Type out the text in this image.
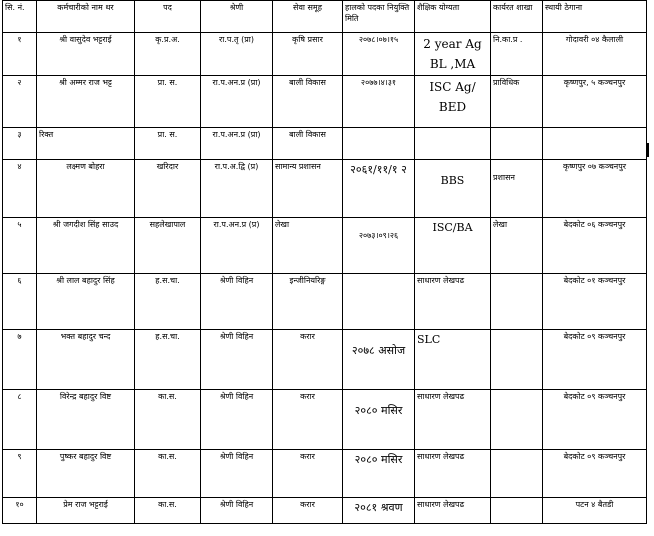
सि. नं.	कर्मचारीको नाम थर	पद	श्रेणी	सेवा समूह	हालको पदका नियुक्ति मिति	शैक्षिक योग्यता	कार्यरत शाखा	स्थायी ठेगाना
१	श्री वासुदेव भट्टराई	कृ.प्र.अ.	रा.प.तृ (प्रा)	कृषि प्रसार	२०७८।०७।१५	2 year Ag BL ,MA	नि.का.प्र .	गोदावरी ०४ कैलाली
२	श्री अम्मर राज भट्ट	प्रा. स.	रा.प.अन.प्र (प्रा)	बाली विकास	२०७७।४।३१	ISC Ag/ BED	प्राविधिक	कृष्णपुर, ५ कञ्चनपुर
३	रिक्त	प्रा. स.	रा.प.अन.प्र (प्रा)	बाली विकास				
४	लक्ष्मण बोहरा	खरिदार	रा.प.अ.द्वि (प्र)	सामान्य प्रशासन	२०६१/११/१ २	BBS	प्रशासन	कृष्णपुर ०७ कञ्चनपुर
५	श्री जगदीश सिंह साउद	सहलेखापाल	रा.प.अन.प्र (प्र)	लेखा	२०७३।०९।२६	ISC/BA	लेखा	बेदकोट ०६ कञ्चनपुर
६	श्री लाल बहादुर सिंह	ह.स.चा.	श्रेणी विहिन	इन्जीनियरिङ्ग		साधारण लेखपढ		बेदकोट ०१ कञ्चनपुर
७	भक्त बहादुर चन्द	ह.स.चा.	श्रेणी विहिन	करार	२०७८ असोज	SLC		बेदकोट ०९ कञ्चनपुर
८	विरेन्द्र बहादुर विष्ट	का.स.	श्रेणी विहिन	करार	२०८० मसिर	साधारण लेखपढ		बेदकोट ०९ कञ्चनपुर
९	पुष्कर बहादुर विष्ट	का.स.	श्रेणी विहिन	करार	२०८० मसिर	साधारण लेखपढ		बेदकोट ०९ कञ्चनपुर
१०	प्रेम राज भट्टराई	का.स.	श्रेणी विहिन	करार	२०८१ श्रवण	साधारण लेखपढ		पटन ४ बैतडी
